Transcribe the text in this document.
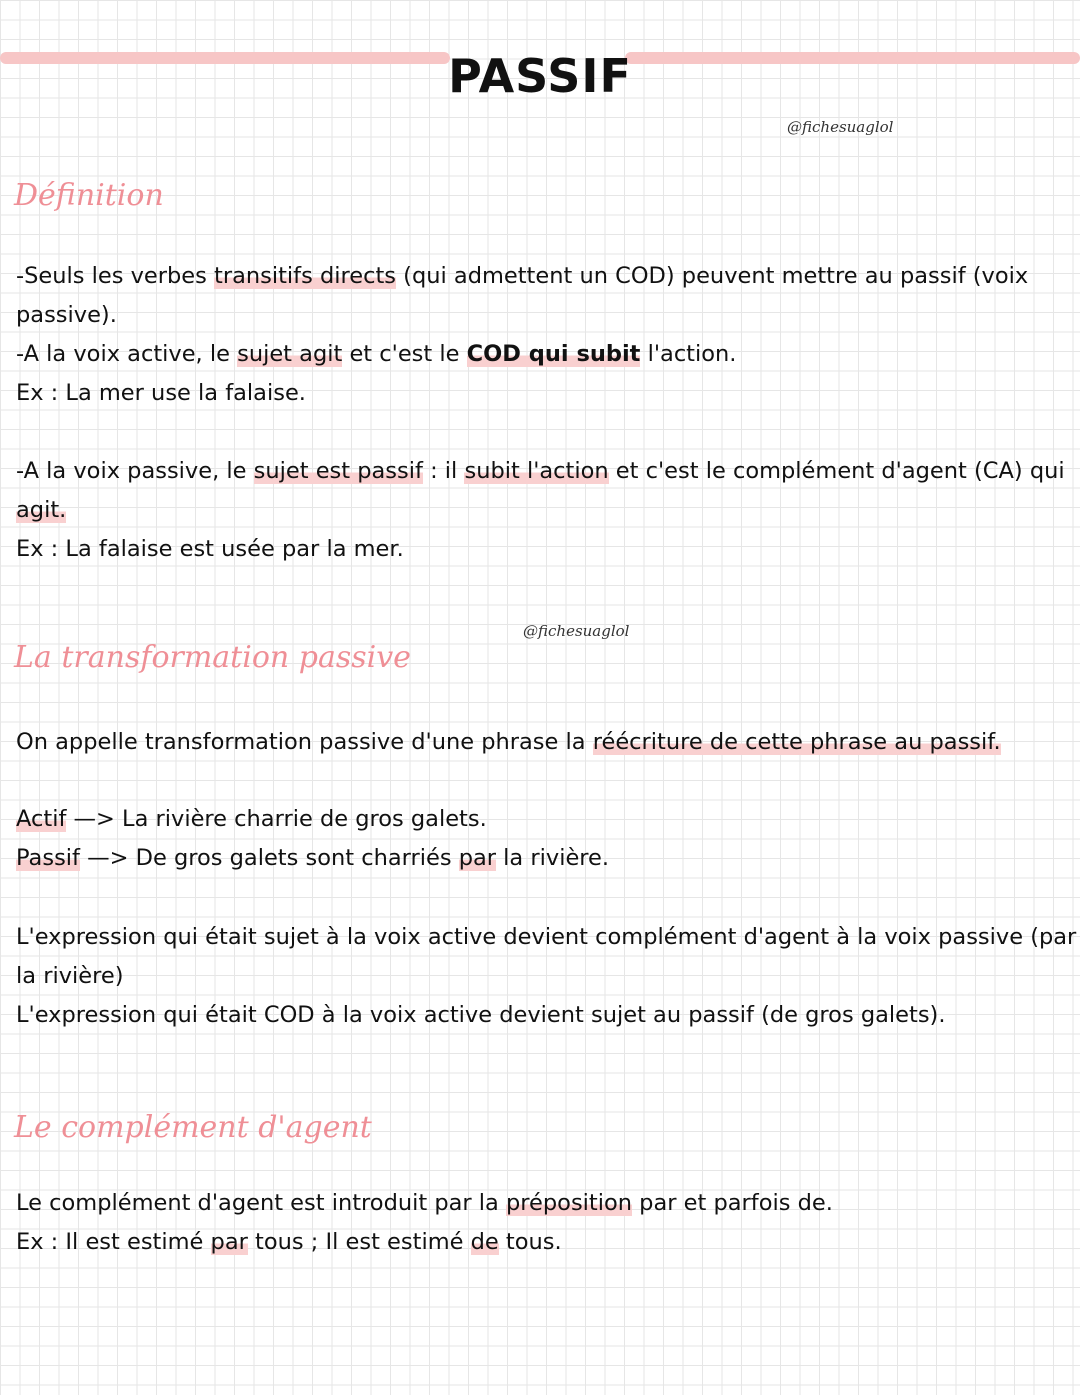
PASSIF
@fichesuaglol
Définition

-Seuls les verbes transitifs directs (qui admettent un COD) peuvent mettre au passif (voix

passive).

-A la voix active, le sujet agit et c'est le COD qui subit l'action.

Ex : La mer use la falaise.

-A la voix passive, le sujet est passif : il subit l'action et c'est le complément d'agent (CA) qui

agit.

Ex : La falaise est usée par la mer.

@fichesuaglol
La transformation passive

On appelle transformation passive d'une phrase la réécriture de cette phrase au passif.

Actif —> La rivière charrie de gros galets.

Passif —> De gros galets sont charriés par la rivière.

L'expression qui était sujet à la voix active devient complément d'agent à la voix passive (par

la rivière)

L'expression qui était COD à la voix active devient sujet au passif (de gros galets).

Le complément d'agent

Le complément d'agent est introduit par la préposition par et parfois de.

Ex : Il est estimé par tous ; Il est estimé de tous.
